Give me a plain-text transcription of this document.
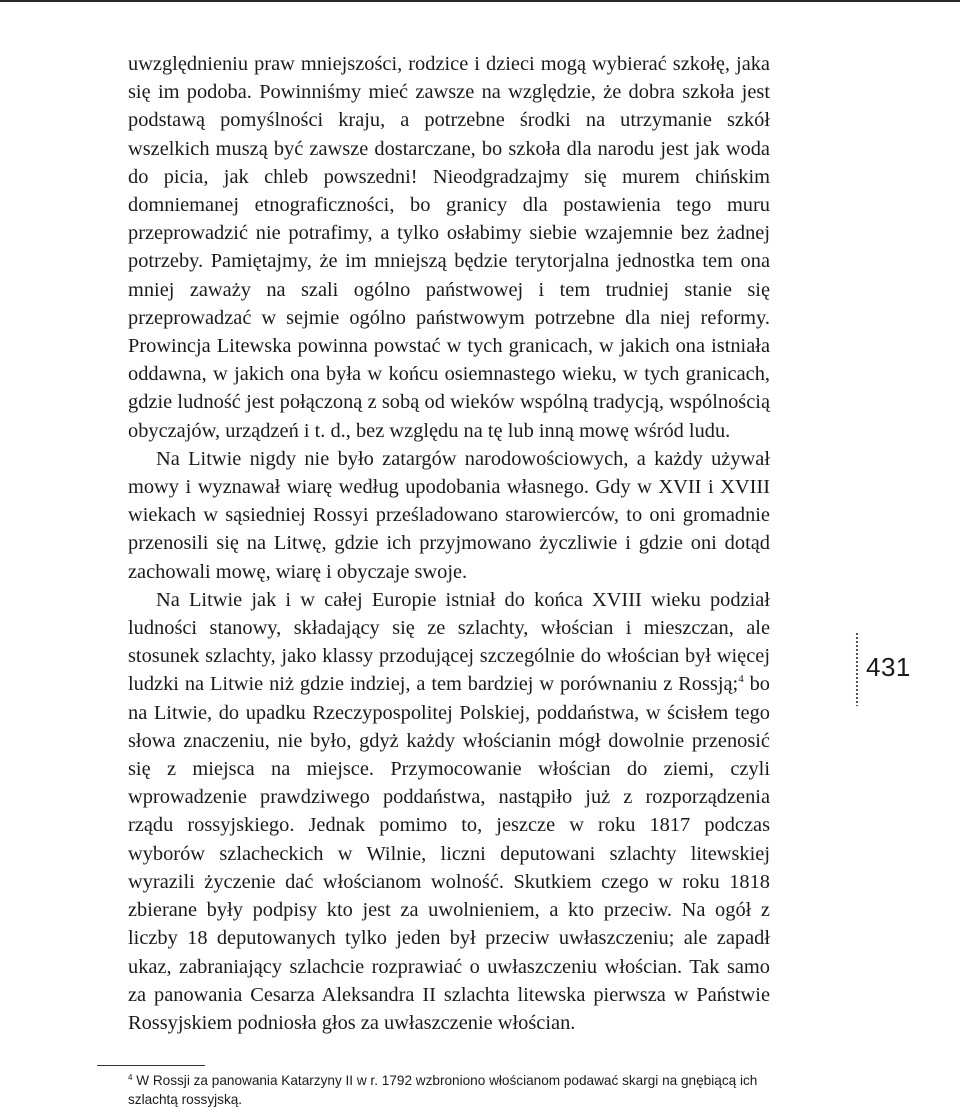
uwzględnieniu praw mniejszości, rodzice i dzieci mogą wybierać szkołę, jaka się im podoba. Powinniśmy mieć zawsze na względzie, że dobra szkoła jest podstawą pomyślności kraju, a potrzebne środki na utrzymanie szkół wszelkich muszą być zawsze dostarczane, bo szkoła dla narodu jest jak woda do picia, jak chleb powszedni! Nieodgradzajmy się murem chińskim domniemanej etnograficzności, bo granicy dla postawienia tego muru przeprowadzić nie potrafimy, a tylko osłabimy siebie wzajemnie bez żadnej potrzeby. Pamiętajmy, że im mniejszą będzie terytorjalna jednostka tem ona mniej zaważy na szali ogólno państwowej i tem trudniej stanie się przeprowadzać w sejmie ogólno państwowym potrzebne dla niej reformy. Prowincja Litewska powinna powstać w tych granicach, w jakich ona istniała oddawna, w jakich ona była w końcu osiemnastego wieku, w tych granicach, gdzie ludność jest połączoną z sobą od wieków wspólną tradycją, wspólnością obyczajów, urządzeń i t. d., bez względu na tę lub inną mowę wśród ludu.

Na Litwie nigdy nie było zatargów narodowościowych, a każdy używał mowy i wyznawał wiarę według upodobania własnego. Gdy w XVII i XVIII wiekach w sąsiedniej Rossyi prześladowano starowierców, to oni gromadnie przenosili się na Litwę, gdzie ich przyjmowano życzliwie i gdzie oni dotąd zachowali mowę, wiarę i obyczaje swoje.

Na Litwie jak i w całej Europie istniał do końca XVIII wieku podział ludności stanowy, składający się ze szlachty, włościan i mieszczan, ale stosunek szlachty, jako klassy przodującej szczególnie do włościan był więcej ludzki na Litwie niż gdzie indziej, a tem bardziej w porównaniu z Rossją;$^4$ bo na Litwie, do upadku Rzeczypospolitej Polskiej, poddaństwa, w ścisłem tego słowa znaczeniu, nie było, gdyż każdy włościanin mógł dowolnie przenosić się z miejsca na miejsce. Przymocowanie włościan do ziemi, czyli wprowadzenie prawdziwego poddaństwa, nastąpiło już z rozporządzenia rządu rossyjskiego. Jednak pomimo to, jeszcze w roku 1817 podczas wyborów szlacheckich w Wilnie, liczni deputowani szlachty litewskiej wyrazili życzenie dać włościanom wolność. Skutkiem czego w roku 1818 zbierane były podpisy kto jest za uwolnieniem, a kto przeciw. Na ogół z liczby 18 deputowanych tylko jeden był przeciw uwłaszczeniu; ale zapadł ukaz, zabraniający szlachcie rozprawiać o uwłaszczeniu włościan. Tak samo za panowania Cesarza Aleksandra II szlachta litewska pierwsza w Państwie Rossyjskiem podniosła głos za uwłaszczenie włościan.

431
$^4$ W Rossji za panowania Katarzyny II w r. 1792 wzbroniono włościanom podawać skargi na gnębiącą ich szlachtą rossyjską.
